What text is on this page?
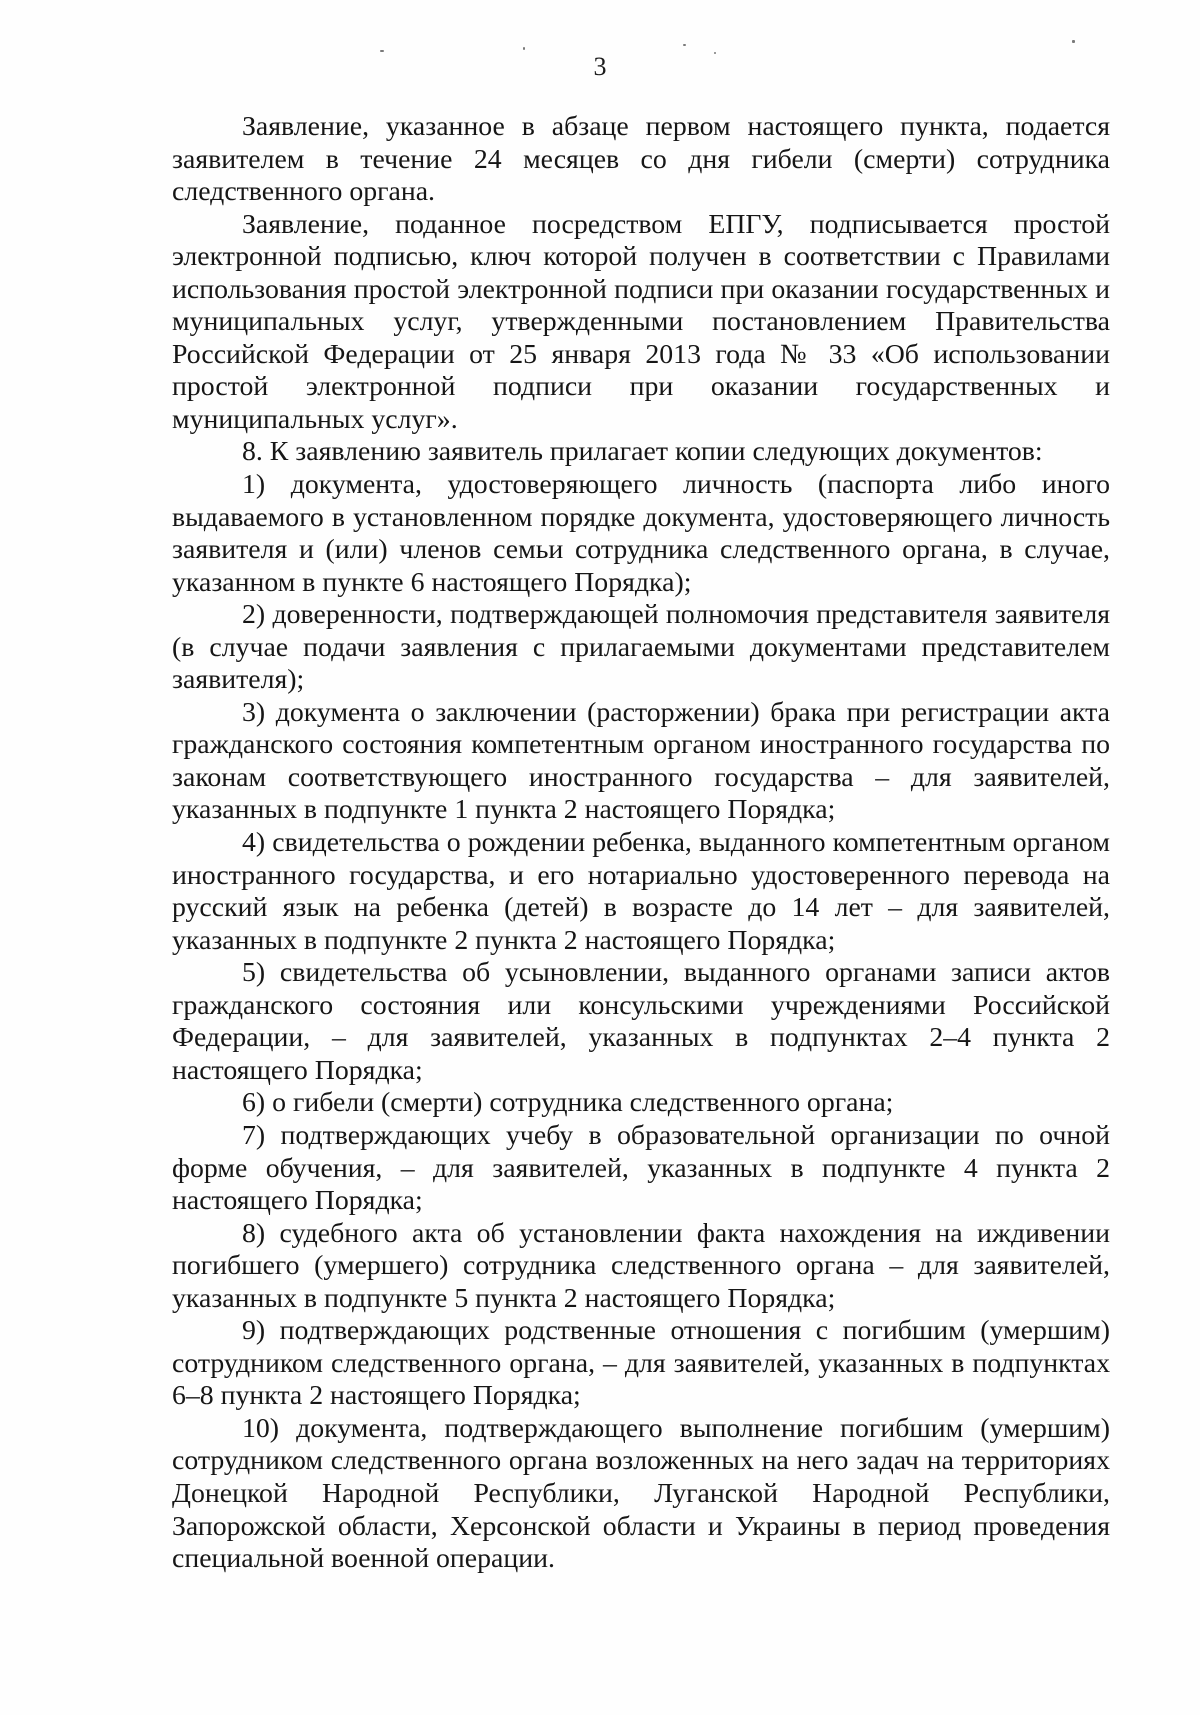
3

Заявление, указанное в абзаце первом настоящего пункта, подается заявителем в течение 24 месяцев со дня гибели (смерти) сотрудника следственного органа.

Заявление, поданное посредством ЕПГУ, подписывается простой электронной подписью, ключ которой получен в соответствии с Правилами использования простой электронной подписи при оказании государственных и муниципальных услуг, утвержденными постановлением Правительства Российской Федерации от 25 января 2013 года № 33 «Об использовании простой электронной подписи при оказании государственных и муниципальных услуг».

8. К заявлению заявитель прилагает копии следующих документов:

1) документа, удостоверяющего личность (паспорта либо иного выдаваемого в установленном порядке документа, удостоверяющего личность заявителя и (или) членов семьи сотрудника следственного органа, в случае, указанном в пункте 6 настоящего Порядка);

2) доверенности, подтверждающей полномочия представителя заявителя (в случае подачи заявления с прилагаемыми документами представителем заявителя);

3) документа о заключении (расторжении) брака при регистрации акта гражданского состояния компетентным органом иностранного государства по законам соответствующего иностранного государства – для заявителей, указанных в подпункте 1 пункта 2 настоящего Порядка;

4) свидетельства о рождении ребенка, выданного компетентным органом иностранного государства, и его нотариально удостоверенного перевода на русский язык на ребенка (детей) в возрасте до 14 лет – для заявителей, указанных в подпункте 2 пункта 2 настоящего Порядка;

5) свидетельства об усыновлении, выданного органами записи актов гражданского состояния или консульскими учреждениями Российской Федерации, – для заявителей, указанных в подпунктах 2–4 пункта 2 настоящего Порядка;

6) о гибели (смерти) сотрудника следственного органа;

7) подтверждающих учебу в образовательной организации по очной форме обучения, – для заявителей, указанных в подпункте 4 пункта 2 настоящего Порядка;

8) судебного акта об установлении факта нахождения на иждивении погибшего (умершего) сотрудника следственного органа – для заявителей, указанных в подпункте 5 пункта 2 настоящего Порядка;

9) подтверждающих родственные отношения с погибшим (умершим) сотрудником следственного органа, – для заявителей, указанных в подпунктах 6–8 пункта 2 настоящего Порядка;

10) документа, подтверждающего выполнение погибшим (умершим) сотрудником следственного органа возложенных на него задач на территориях Донецкой Народной Республики, Луганской Народной Республики, Запорожской области, Херсонской области и Украины в период проведения специальной военной операции.
